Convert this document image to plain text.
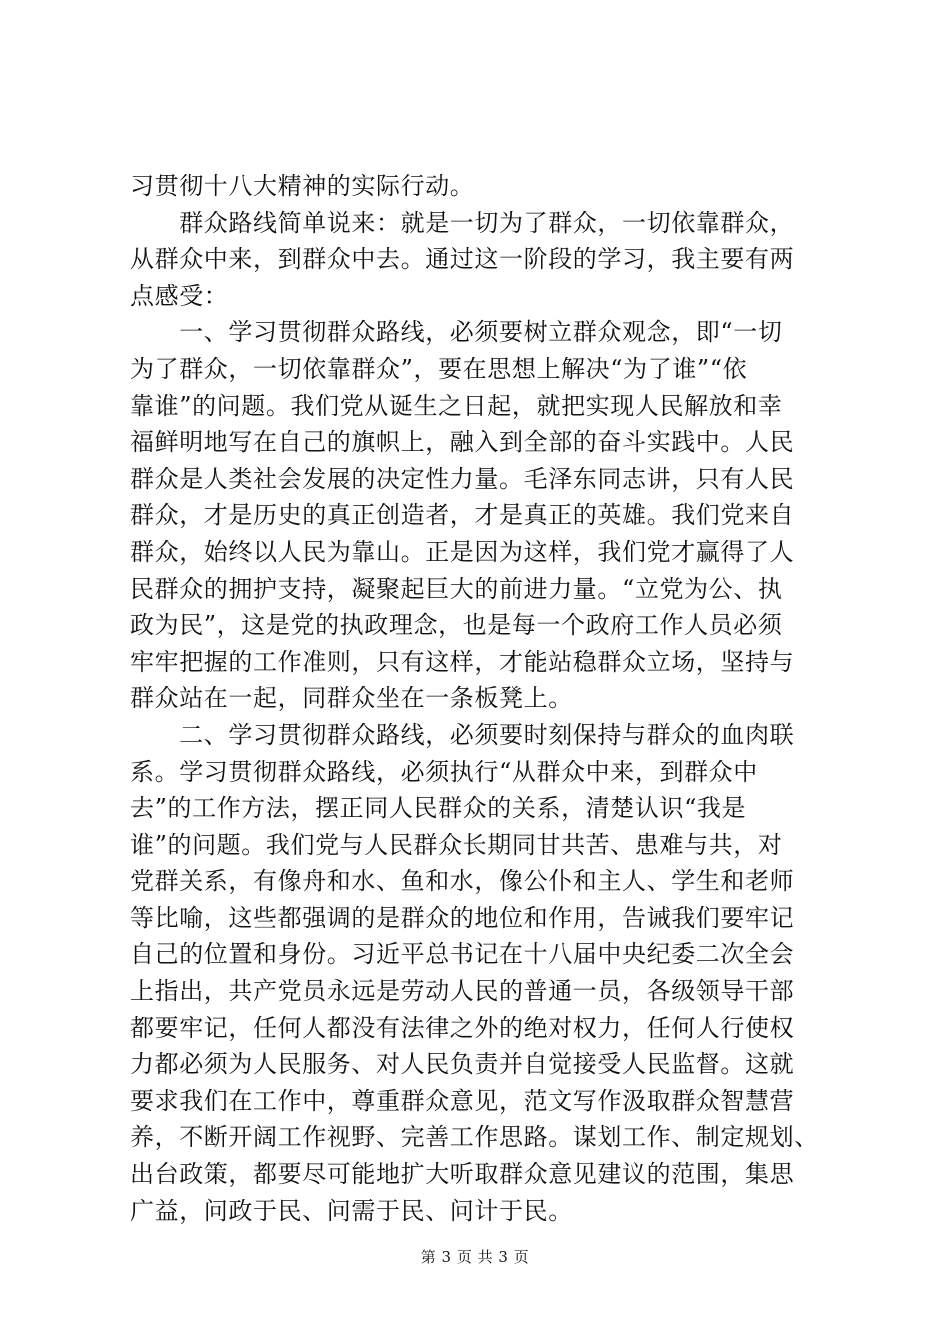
习贯彻十八大精神的实际行动。
　　群众路线简单说来：就是一切为了群众，一切依靠群众，
从群众中来，到群众中去。通过这一阶段的学习，我主要有两
点感受：
　　一、学习贯彻群众路线，必须要树立群众观念，即“一切
为了群众，一切依靠群众”，要在思想上解决“为了谁”“依
靠谁”的问题。我们党从诞生之日起，就把实现人民解放和幸
福鲜明地写在自己的旗帜上，融入到全部的奋斗实践中。人民
群众是人类社会发展的决定性力量。毛泽东同志讲，只有人民
群众，才是历史的真正创造者，才是真正的英雄。我们党来自
群众，始终以人民为靠山。正是因为这样，我们党才赢得了人
民群众的拥护支持，凝聚起巨大的前进力量。“立党为公、执
政为民”，这是党的执政理念，也是每一个政府工作人员必须
牢牢把握的工作准则，只有这样，才能站稳群众立场，坚持与
群众站在一起，同群众坐在一条板凳上。
　　二、学习贯彻群众路线，必须要时刻保持与群众的血肉联
系。学习贯彻群众路线，必须执行“从群众中来，到群众中
去”的工作方法，摆正同人民群众的关系，清楚认识“我是
谁”的问题。我们党与人民群众长期同甘共苦、患难与共，对
党群关系，有像舟和水、鱼和水，像公仆和主人、学生和老师
等比喻，这些都强调的是群众的地位和作用，告诫我们要牢记
自己的位置和身份。习近平总书记在十八届中央纪委二次全会
上指出，共产党员永远是劳动人民的普通一员，各级领导干部
都要牢记，任何人都没有法律之外的绝对权力，任何人行使权
力都必须为人民服务、对人民负责并自觉接受人民监督。这就
要求我们在工作中，尊重群众意见，范文写作汲取群众智慧营
养，不断开阔工作视野、完善工作思路。谋划工作、制定规划、
出台政策，都要尽可能地扩大听取群众意见建议的范围，集思
广益，问政于民、问需于民、问计于民。
第 3 页 共 3 页
